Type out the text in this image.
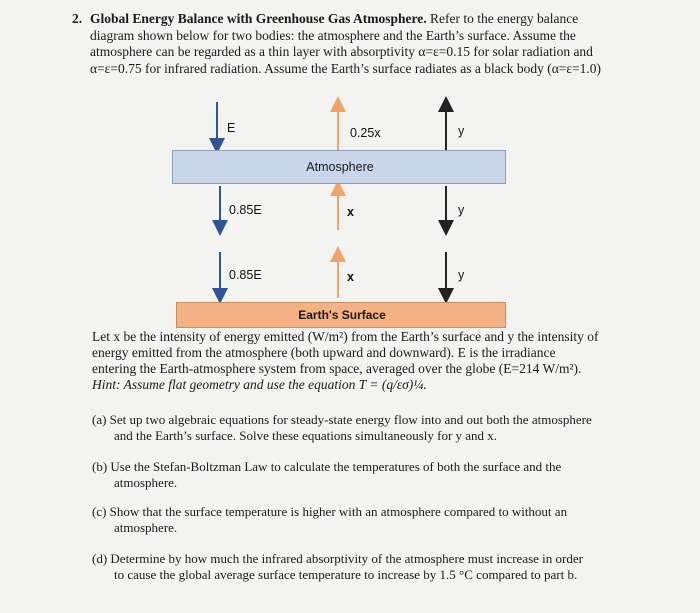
2. Global Energy Balance with Greenhouse Gas Atmosphere. Refer to the energy balance diagram shown below for two bodies: the atmosphere and the Earth’s surface. Assume the atmosphere can be regarded as a thin layer with absorptivity α=ε=0.15 for solar radiation and α=ε=0.75 for infrared radiation. Assume the Earth’s surface radiates as a black body (α=ε=1.0)
E	0.25x	y
Atmosphere
0.85E	x	y
0.85E	x	y
Earth's Surface
Let x be the intensity of energy emitted (W/m²) from the Earth’s surface and y the intensity of energy emitted from the atmosphere (both upward and downward). E is the irradiance entering the Earth-atmosphere system from space, averaged over the globe (E=214 W/m²). Hint: Assume flat geometry and use the equation T = (q/εσ)¼.
(a) Set up two algebraic equations for steady-state energy flow into and out both the atmosphere and the Earth’s surface. Solve these equations simultaneously for y and x.
(b) Use the Stefan-Boltzman Law to calculate the temperatures of both the surface and the atmosphere.
(c) Show that the surface temperature is higher with an atmosphere compared to without an atmosphere.
(d) Determine by how much the infrared absorptivity of the atmosphere must increase in order to cause the global average surface temperature to increase by 1.5 °C compared to part b.
